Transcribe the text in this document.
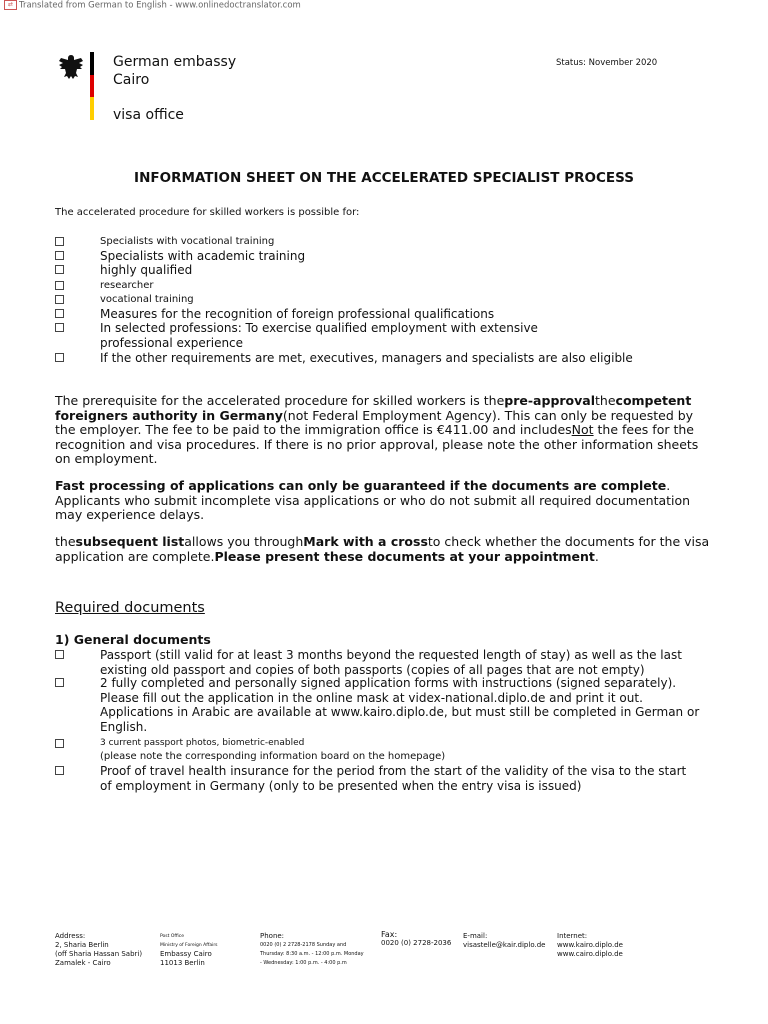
⇄ Translated from German to English - www.onlinedoctranslator.com
German embassy
Cairo
visa office
Status: November 2020
INFORMATION SHEET ON THE ACCELERATED SPECIALIST PROCESS
The accelerated procedure for skilled workers is possible for:
Specialists with vocational training
Specialists with academic training
highly qualified
researcher
vocational training
Measures for the recognition of foreign professional qualifications
In selected professions: To exercise qualified employment with extensive professional experience
If the other requirements are met, executives, managers and specialists are also eligible
The prerequisite for the accelerated procedure for skilled workers is thepre-approvalthecompetent foreigners authority in Germany(not Federal Employment Agency). This can only be requested by the employer. The fee to be paid to the immigration office is €411.00 and includesNot the fees for the recognition and visa procedures. If there is no prior approval, please note the other information sheets on employment.
Fast processing of applications can only be guaranteed if the documents are complete. Applicants who submit incomplete visa applications or who do not submit all required documentation may experience delays.
thesubsequent listallows you throughMark with a crossto check whether the documents for the visa application are complete.Please present these documents at your appointment.
Required documents
1) General documents
Passport (still valid for at least 3 months beyond the requested length of stay) as well as the last existing old passport and copies of both passports (copies of all pages that are not empty)
2 fully completed and personally signed application forms with instructions (signed separately). Please fill out the application in the online mask at videx-national.diplo.de and print it out. Applications in Arabic are available at www.kairo.diplo.de, but must still be completed in German or English.
3 current passport photos, biometric-enabled
(please note the corresponding information board on the homepage)
Proof of travel health insurance for the period from the start of the validity of the visa to the start of employment in Germany (only to be presented when the entry visa is issued)
Address:
2, Sharia Berlin
(off Sharia Hassan Sabri)
Zamalek - Cairo
Post Office
Ministry of Foreign Affairs
Embassy Cairo
11013 Berlin
Phone:
0020 (0) 2 2728-2178 Sunday and
Thursday: 8:30 a.m. - 12:00 p.m. Monday
- Wednesday: 1:00 p.m. - 4:00 p.m
Fax:
0020 (0) 2728-2036
E-mail:
visastelle@kair.diplo.de
Internet:
www.kairo.diplo.de
www.cairo.diplo.de
